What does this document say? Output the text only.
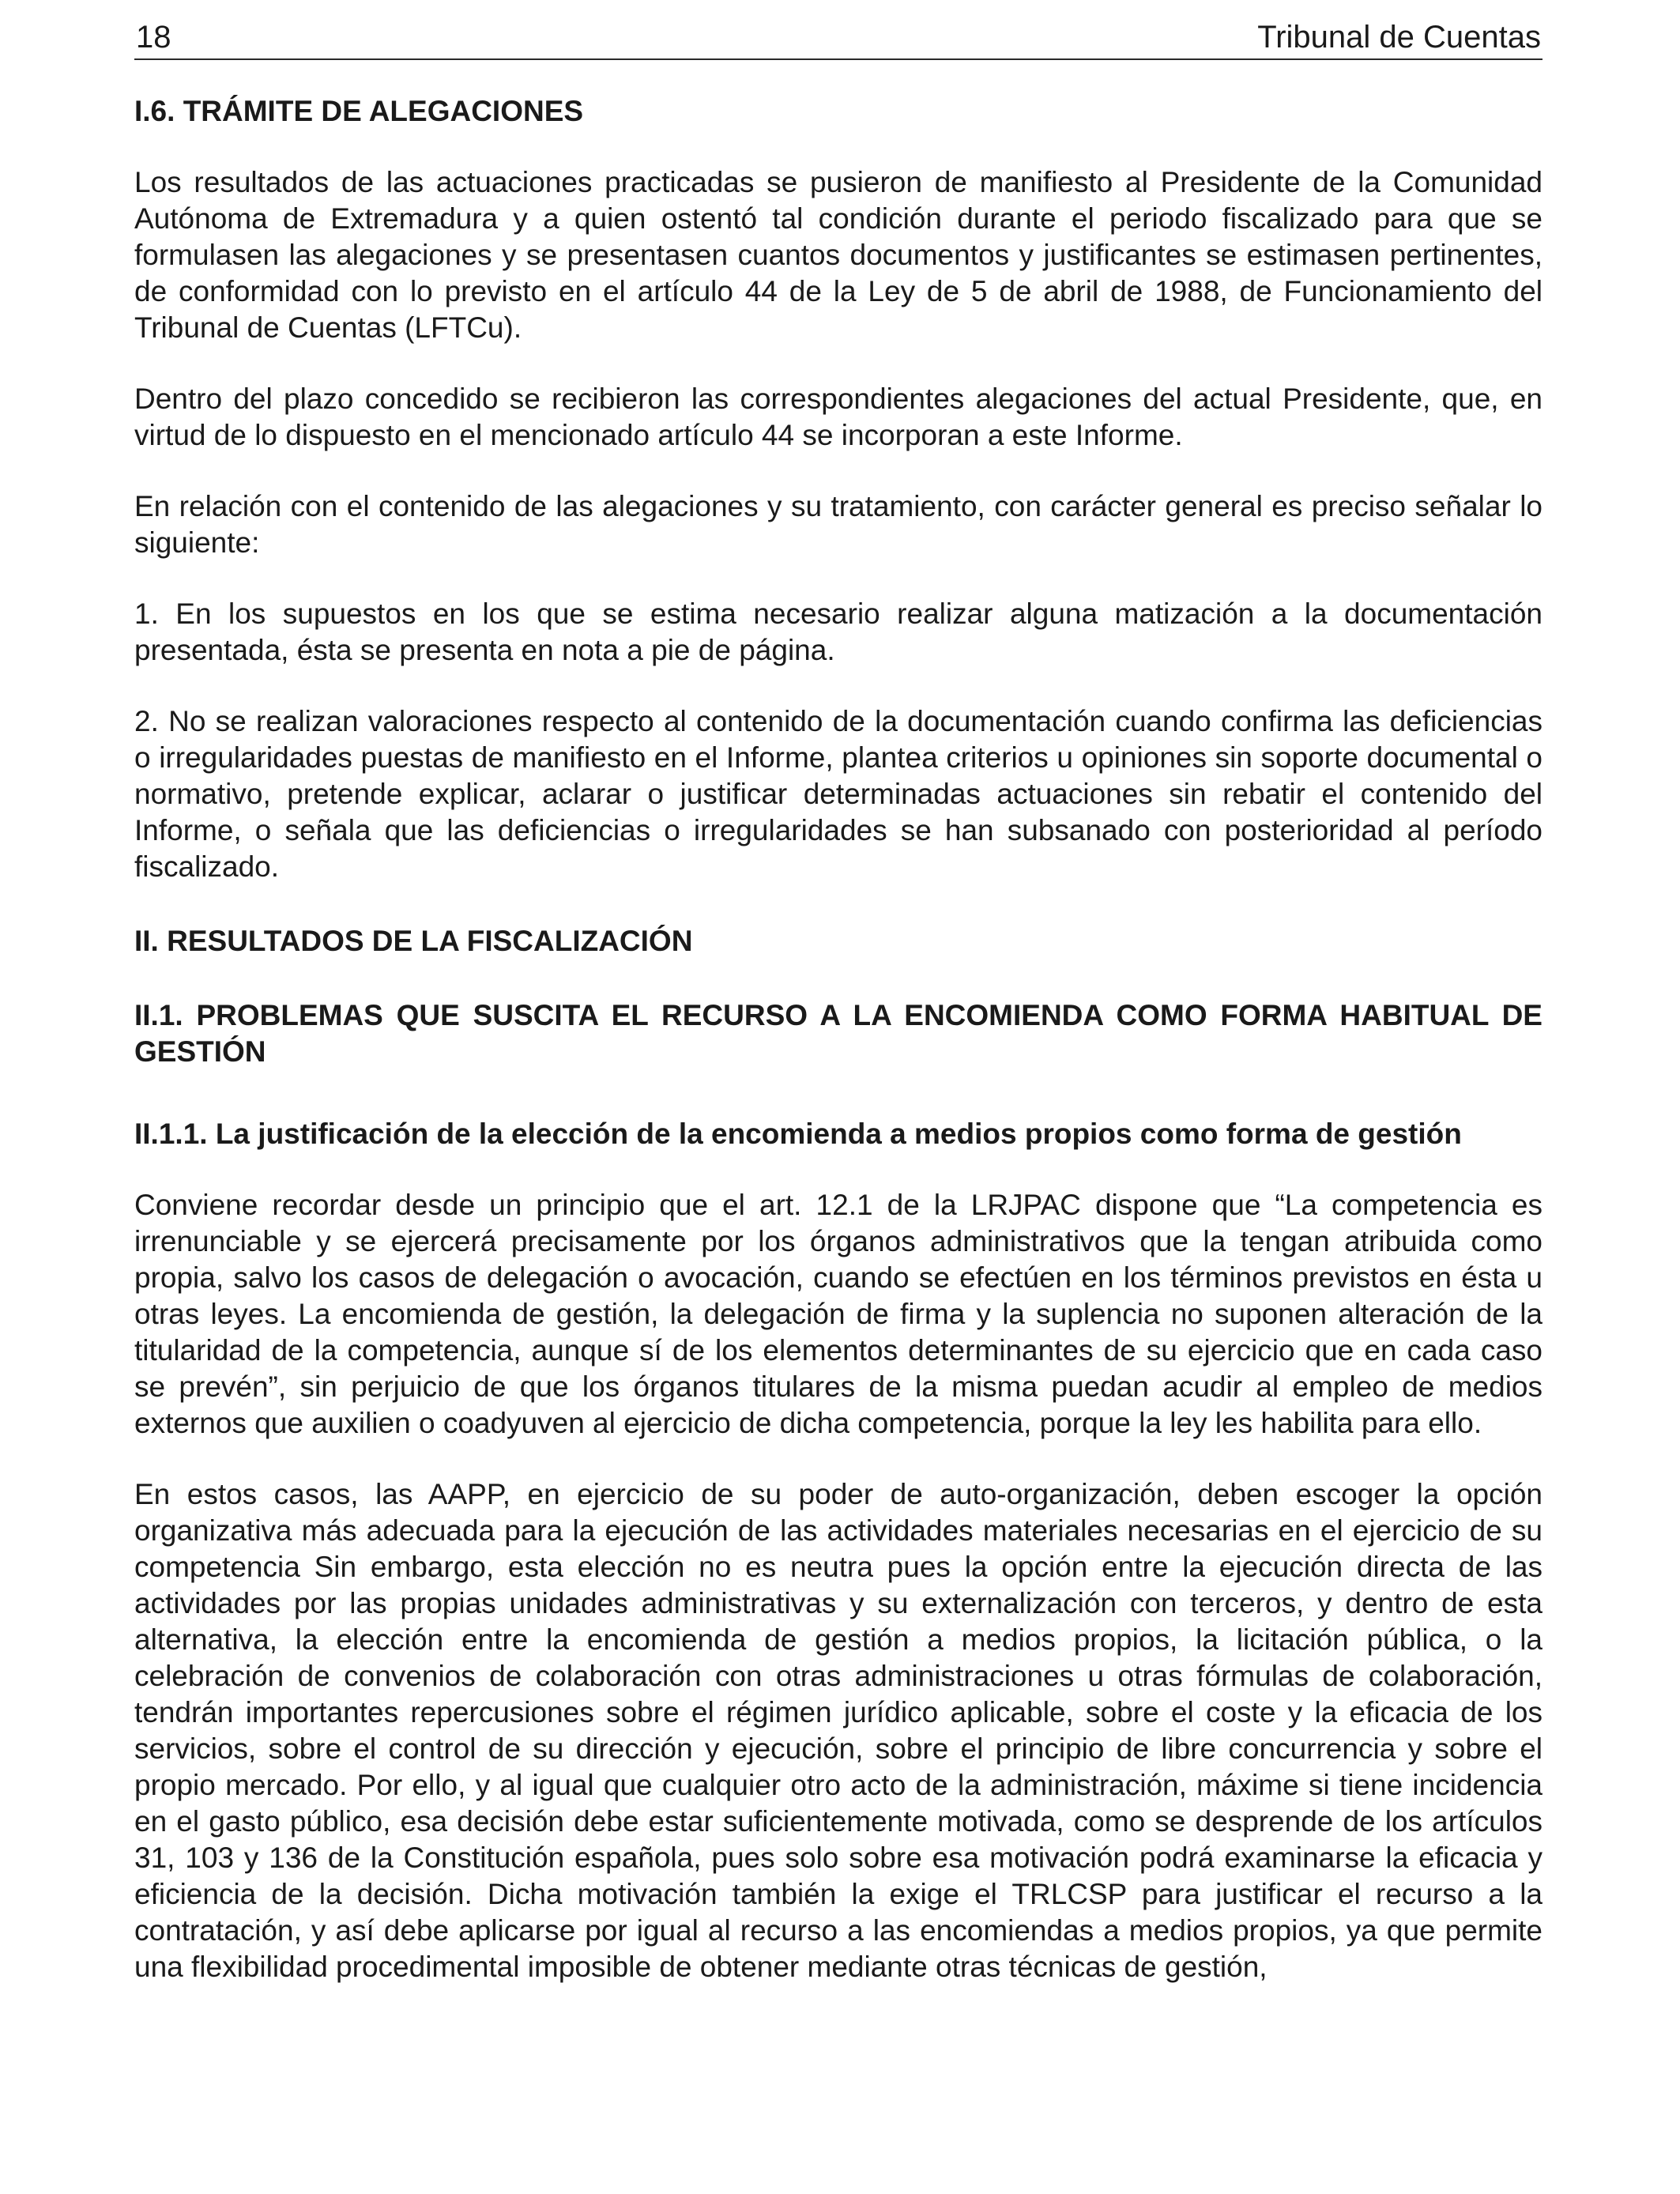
18	Tribunal de Cuentas
I.6. TRÁMITE DE ALEGACIONES

Los resultados de las actuaciones practicadas se pusieron de manifiesto al Presidente de la Comunidad Autónoma de Extremadura y a quien ostentó tal condición durante el periodo fiscalizado para que se formulasen las alegaciones y se presentasen cuantos documentos y justificantes se estimasen pertinentes, de conformidad con lo previsto en el artículo 44 de la Ley de 5 de abril de 1988, de Funcionamiento del Tribunal de Cuentas (LFTCu).

Dentro del plazo concedido se recibieron las correspondientes alegaciones del actual Presidente, que, en virtud de lo dispuesto en el mencionado artículo 44 se incorporan a este Informe.

En relación con el contenido de las alegaciones y su tratamiento, con carácter general es preciso señalar lo siguiente:

1. En los supuestos en los que se estima necesario realizar alguna matización a la documentación presentada, ésta se presenta en nota a pie de página.

2. No se realizan valoraciones respecto al contenido de la documentación cuando confirma las deficiencias o irregularidades puestas de manifiesto en el Informe, plantea criterios u opiniones sin soporte documental o normativo, pretende explicar, aclarar o justificar determinadas actuaciones sin rebatir el contenido del Informe, o señala que las deficiencias o irregularidades se han subsanado con posterioridad al período fiscalizado.

II. RESULTADOS DE LA FISCALIZACIÓN
II.1. PROBLEMAS QUE SUSCITA EL RECURSO A LA ENCOMIENDA COMO FORMA HABITUAL DE GESTIÓN
II.1.1. La justificación de la elección de la encomienda a medios propios como forma de gestión

Conviene recordar desde un principio que el art. 12.1 de la LRJPAC dispone que “La competencia es irrenunciable y se ejercerá precisamente por los órganos administrativos que la tengan atribuida como propia, salvo los casos de delegación o avocación, cuando se efectúen en los términos previstos en ésta u otras leyes. La encomienda de gestión, la delegación de firma y la suplencia no suponen alteración de la titularidad de la competencia, aunque sí de los elementos determinantes de su ejercicio que en cada caso se prevén”, sin perjuicio de que los órganos titulares de la misma puedan acudir al empleo de medios externos que auxilien o coadyuven al ejercicio de dicha competencia, porque la ley les habilita para ello.

En estos casos, las AAPP, en ejercicio de su poder de auto-organización, deben escoger la opción organizativa más adecuada para la ejecución de las actividades materiales necesarias en el ejercicio de su competencia Sin embargo, esta elección no es neutra pues la opción entre la ejecución directa de las actividades por las propias unidades administrativas y su externalización con terceros, y dentro de esta alternativa, la elección entre la encomienda de gestión a medios propios, la licitación pública, o la celebración de convenios de colaboración con otras administraciones u otras fórmulas de colaboración, tendrán importantes repercusiones sobre el régimen jurídico aplicable, sobre el coste y la eficacia de los servicios, sobre el control de su dirección y ejecución, sobre el principio de libre concurrencia y sobre el propio mercado. Por ello, y al igual que cualquier otro acto de la administración, máxime si tiene incidencia en el gasto público, esa decisión debe estar suficientemente motivada, como se desprende de los artículos 31, 103 y 136 de la Constitución española, pues solo sobre esa motivación podrá examinarse la eficacia y eficiencia de la decisión. Dicha motivación también la exige el TRLCSP para justificar el recurso a la contratación, y así debe aplicarse por igual al recurso a las encomiendas a medios propios, ya que permite una flexibilidad procedimental imposible de obtener mediante otras técnicas de gestión,
